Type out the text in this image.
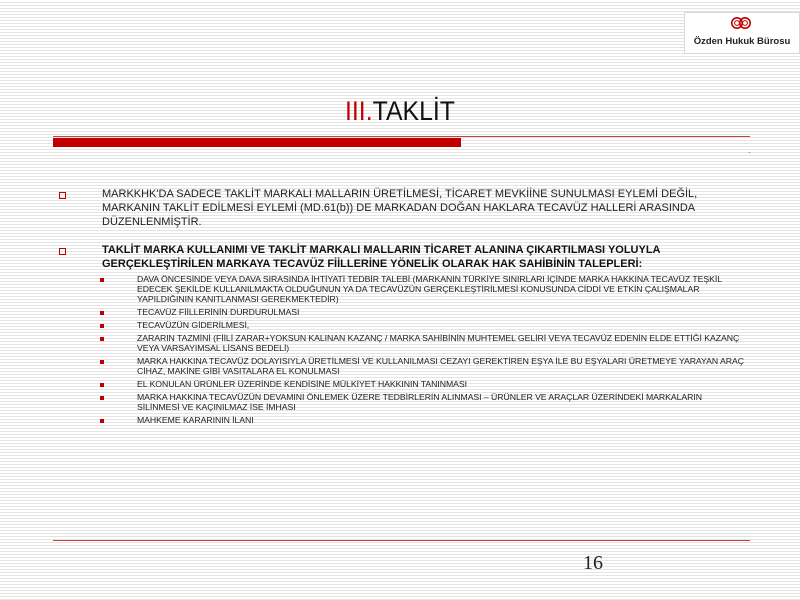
Özden Hukuk Bürosu
III.TAKLİT
.
MARKKHK'DA SADECE TAKLİT MARKALI MALLARIN ÜRETİLMESİ, TİCARET MEVKİİNE SUNULMASI EYLEMİ DEĞİL, MARKANIN TAKLİT EDİLMESİ EYLEMİ (MD.61(b)) DE MARKADAN DOĞAN HAKLARA TECAVÜZ HALLERİ ARASINDA DÜZENLENMİŞTİR.
TAKLİT MARKA KULLANIMI VE TAKLİT MARKALI MALLARIN TİCARET ALANINA ÇIKARTILMASI YOLUYLA GERÇEKLEŞTİRİLEN MARKAYA TECAVÜZ FİİLLERİNE YÖNELİK OLARAK HAK SAHİBİNİN TALEPLERİ:
DAVA ÖNCESİNDE VEYA DAVA SIRASINDA İHTİYATİ TEDBİR TALEBİ (MARKANIN TÜRKİYE SINIRLARI İÇİNDE MARKA HAKKINA TECAVÜZ TEŞKİL EDECEK ŞEKİLDE KULLANILMAKTA OLDUĞUNUN YA DA TECAVÜZÜN GERÇEKLEŞTİRİLMESİ KONUSUNDA CİDDİ VE ETKİN ÇALIŞMALAR YAPILDIĞININ KANITLANMASI GEREKMEKTEDİR)
TECAVÜZ FİİLLERİNİN DURDURULMASI
TECAVÜZÜN GİDERİLMESİ,
ZARARIN TAZMİNİ (FİİLİ ZARAR+YOKSUN KALINAN KAZANÇ / MARKA SAHİBİNİN MUHTEMEL GELİRİ VEYA TECAVÜZ EDENİN ELDE ETTİĞİ KAZANÇ VEYA VARSAYIMSAL LİSANS BEDELİ)
MARKA HAKKINA TECAVÜZ DOLAYISIYLA ÜRETİLMESİ VE KULLANILMASI CEZAYI GEREKTİREN EŞYA İLE BU EŞYALARI ÜRETMEYE YARAYAN ARAÇ CİHAZ, MAKİNE GİBİ VASITALARA EL KONULMASI
EL KONULAN ÜRÜNLER ÜZERİNDE KENDİSİNE MÜLKİYET HAKKININ TANINMASI
MARKA HAKKINA TECAVÜZÜN DEVAMINI ÖNLEMEK ÜZERE TEDBİRLERİN ALINMASI – ÜRÜNLER VE ARAÇLAR ÜZERİNDEKİ MARKALARIN SİLİNMESİ VE KAÇINILMAZ İSE İMHASI
MAHKEME KARARININ İLANI
16
